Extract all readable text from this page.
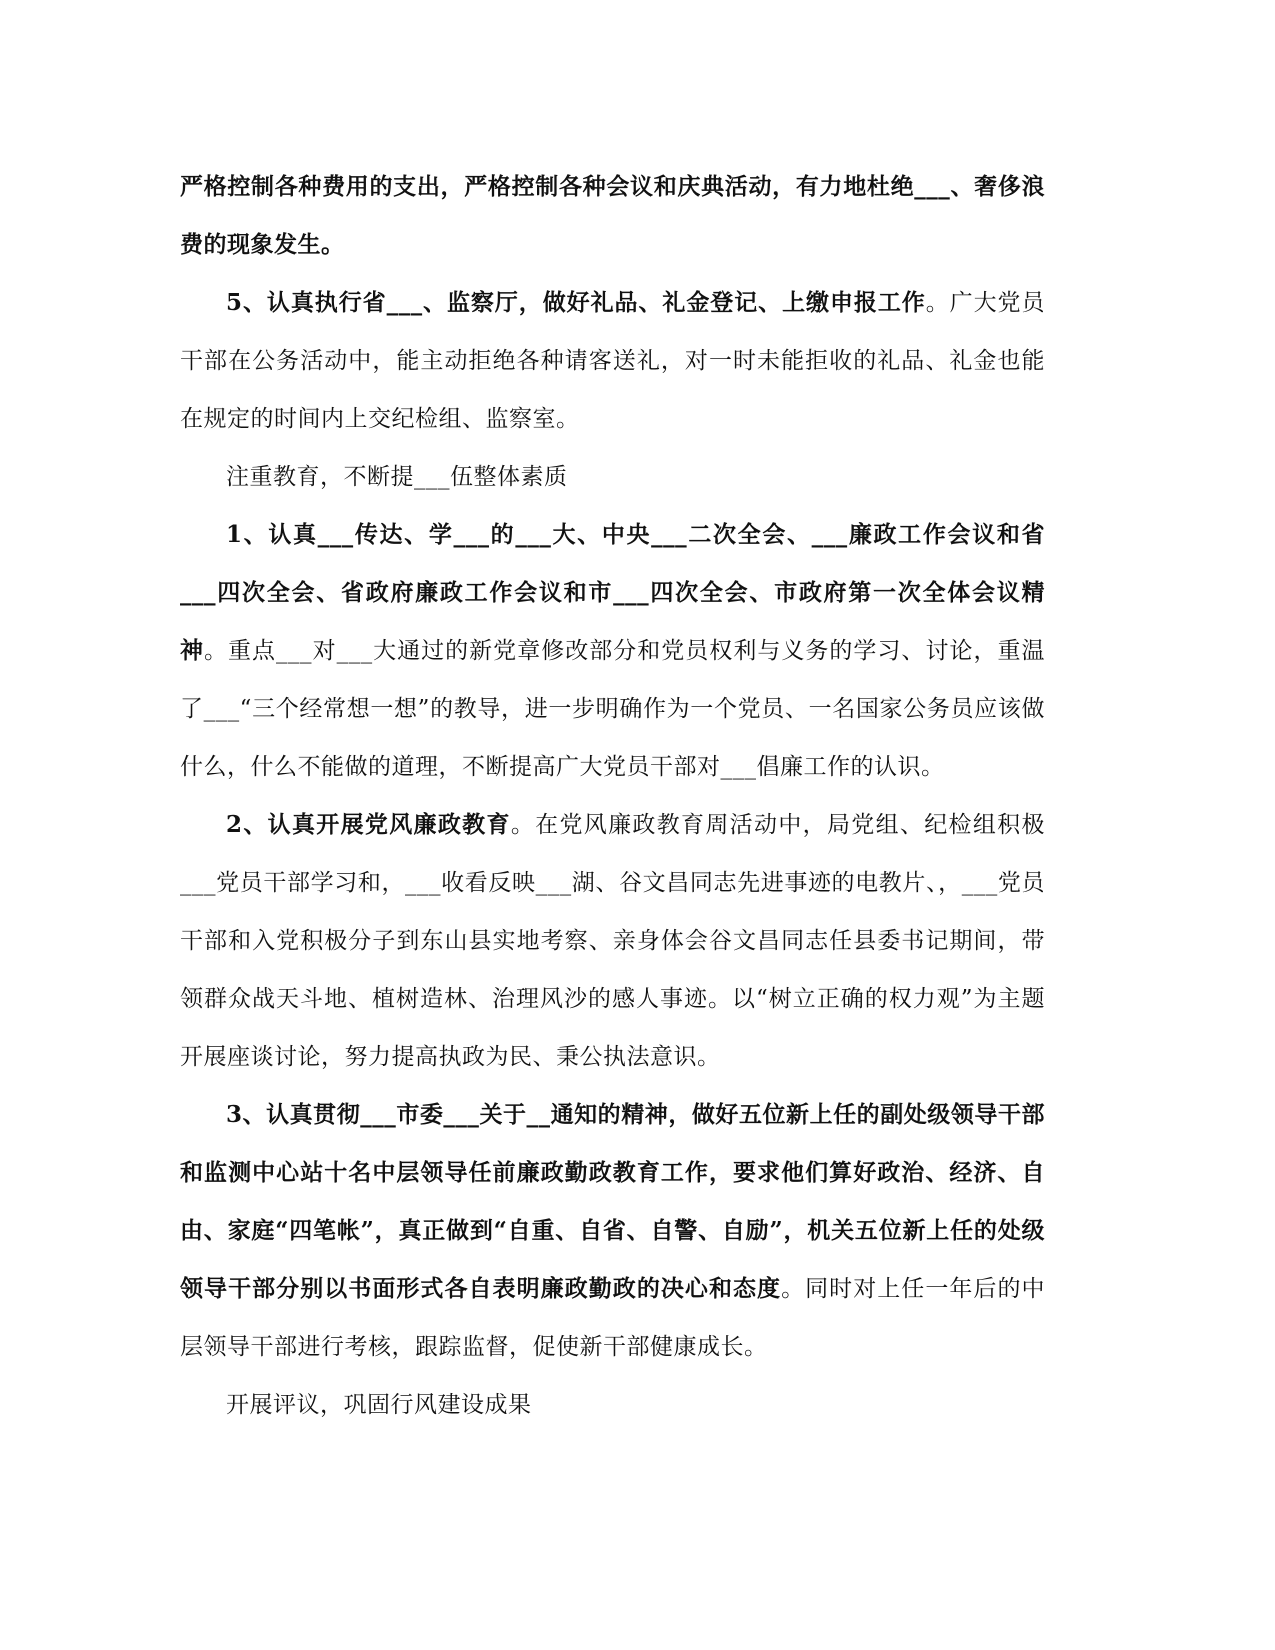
严格控制各种费用的支出，严格控制各种会议和庆典活动，有力地杜绝___、奢侈浪费的现象发生。

5、认真执行省___、监察厅，做好礼品、礼金登记、上缴申报工作。广大党员干部在公务活动中，能主动拒绝各种请客送礼，对一时未能拒收的礼品、礼金也能在规定的时间内上交纪检组、监察室。

注重教育，不断提___伍整体素质

1、认真___传达、学___的___大、中央___二次全会、___廉政工作会议和省___四次全会、省政府廉政工作会议和市___四次全会、市政府第一次全体会议精神。重点___对___大通过的新党章修改部分和党员权利与义务的学习、讨论，重温了___“三个经常想一想”的教导，进一步明确作为一个党员、一名国家公务员应该做什么，什么不能做的道理，不断提高广大党员干部对___倡廉工作的认识。

2、认真开展党风廉政教育。在党风廉政教育周活动中，局党组、纪检组积极___党员干部学习和，___收看反映___湖、谷文昌同志先进事迹的电教片、，___党员干部和入党积极分子到东山县实地考察、亲身体会谷文昌同志任县委书记期间，带领群众战天斗地、植树造林、治理风沙的感人事迹。以“树立正确的权力观”为主题开展座谈讨论，努力提高执政为民、秉公执法意识。

3、认真贯彻___市委___关于__通知的精神，做好五位新上任的副处级领导干部和监测中心站十名中层领导任前廉政勤政教育工作，要求他们算好政治、经济、自由、家庭“四笔帐”，真正做到“自重、自省、自警、自励”，机关五位新上任的处级领导干部分别以书面形式各自表明廉政勤政的决心和态度。同时对上任一年后的中层领导干部进行考核，跟踪监督，促使新干部健康成长。

开展评议，巩固行风建设成果
